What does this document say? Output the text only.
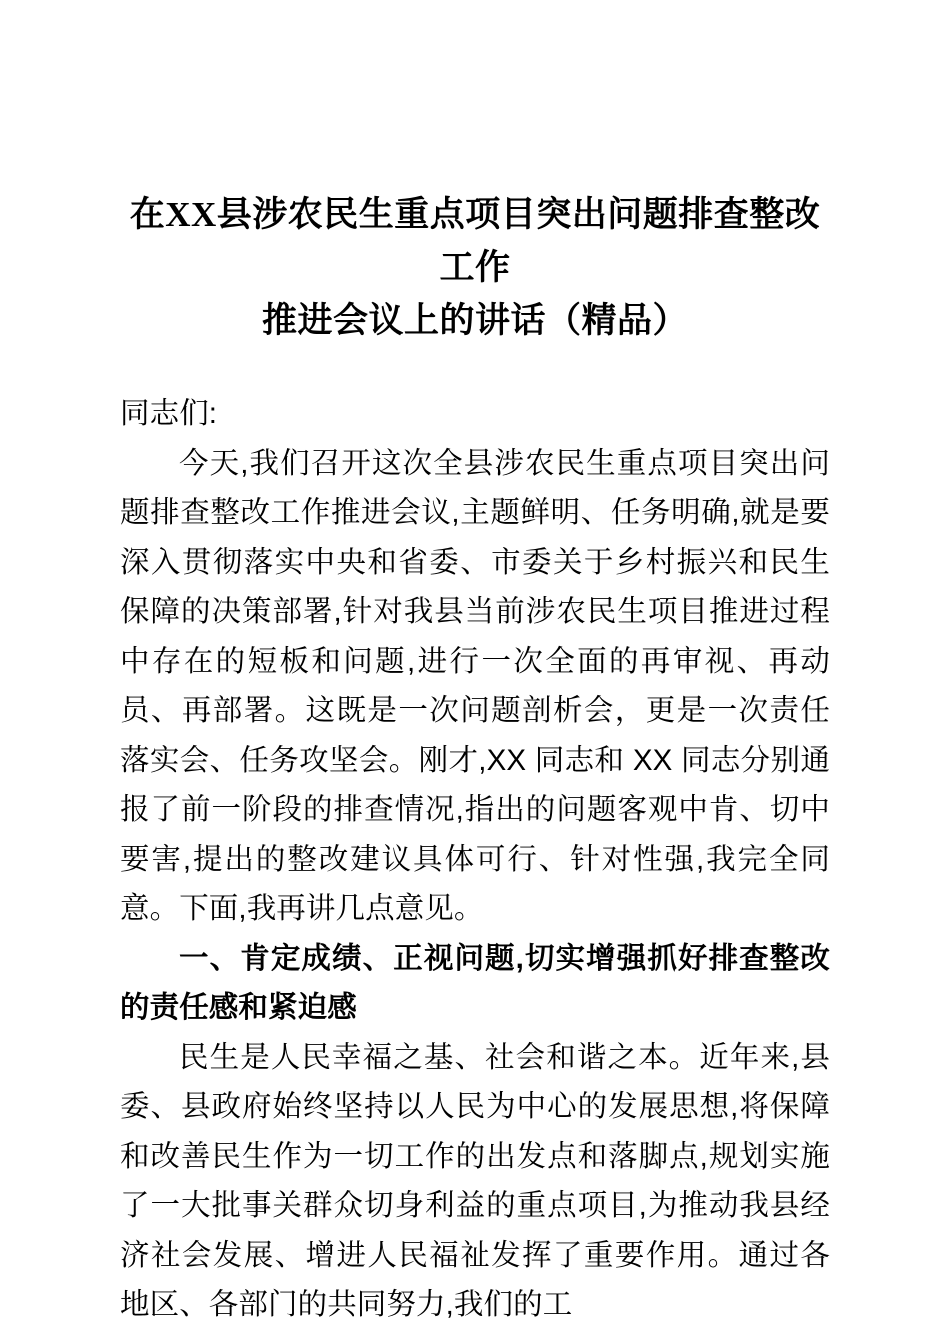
在XX县涉农民生重点项目突出问题排查整改工作
推进会议上的讲话（精品）

同志们:

今天,我们召开这次全县涉农民生重点项目突出问题排查整改工作推进会议,主题鲜明、任务明确,就是要深入贯彻落实中央和省委、市委关于乡村振兴和民生保障的决策部署,针对我县当前涉农民生项目推进过程中存在的短板和问题,进行一次全面的再审视、再动员、再部署。这既是一次问题剖析会，更是一次责任落实会、任务攻坚会。刚才,XX 同志和 XX 同志分别通报了前一阶段的排查情况,指出的问题客观中肯、切中要害,提出的整改建议具体可行、针对性强,我完全同意。下面,我再讲几点意见。

一、肯定成绩、正视问题,切实增强抓好排查整改的责任感和紧迫感

民生是人民幸福之基、社会和谐之本。近年来,县委、县政府始终坚持以人民为中心的发展思想,将保障和改善民生作为一切工作的出发点和落脚点,规划实施了一大批事关群众切身利益的重点项目,为推动我县经济社会发展、增进人民福祉发挥了重要作用。通过各地区、各部门的共同努力,我们的工
